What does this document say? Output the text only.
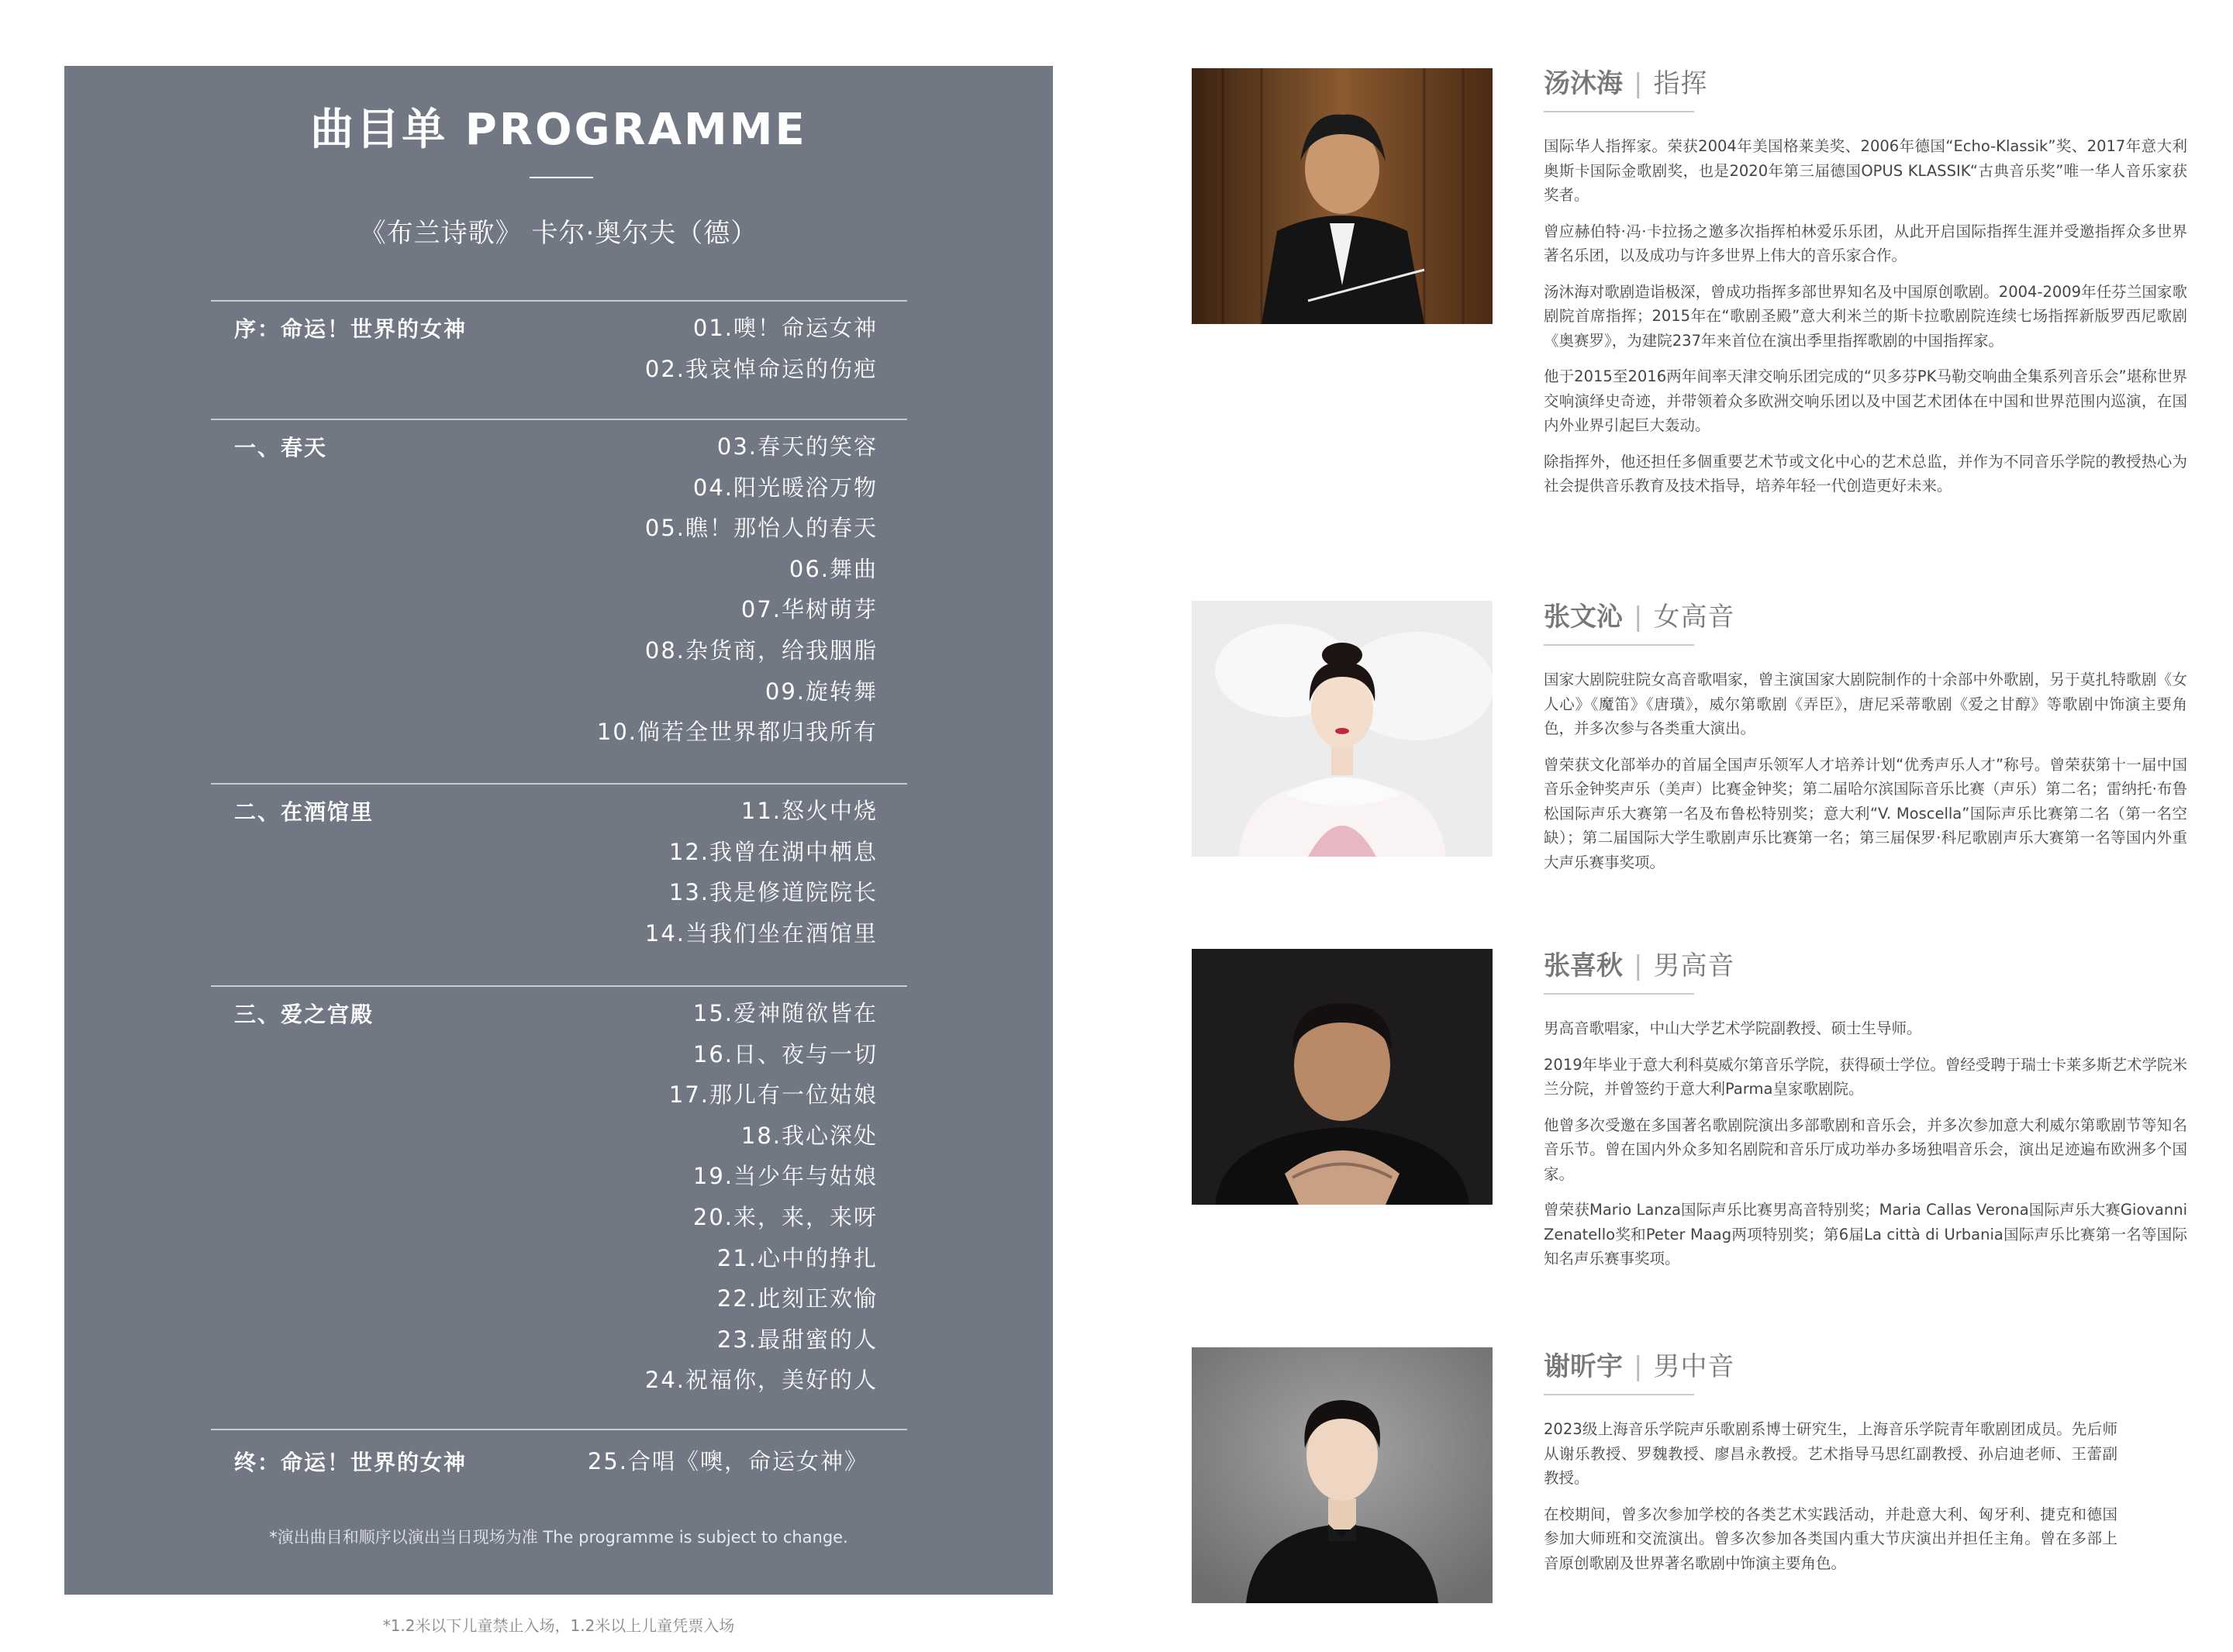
曲目单 PROGRAMME
《布兰诗歌》 卡尔·奥尔夫（德）
序：命运！世界的女神	01.噢！命运女神
02.我哀悼命运的伤疤
一、春天	03.春天的笑容
04.阳光暖浴万物
05.瞧！那怡人的春天
06.舞曲
07.华树萌芽
08.杂货商，给我胭脂
09.旋转舞
10.倘若全世界都归我所有
二、在酒馆里	11.怒火中烧
12.我曾在湖中栖息
13.我是修道院院长
14.当我们坐在酒馆里
三、爱之宫殿	15.爱神随欲皆在
16.日、夜与一切
17.那儿有一位姑娘
18.我心深处
19.当少年与姑娘
20.来，来，来呀
21.心中的挣扎
22.此刻正欢愉
23.最甜蜜的人
24.祝福你，美好的人
终：命运！世界的女神	25.合唱《噢，命运女神》
*演出曲目和顺序以演出当日现场为准 The programme is subject to change.
*1.2米以下儿童禁止入场，1.2米以上儿童凭票入场
汤沐海 | 指挥

国际华人指挥家。荣获2004年美国格莱美奖、2006年德国“Echo-Klassik”奖、2017年意大利奥斯卡国际金歌剧奖，也是2020年第三届德国OPUS KLASSIK“古典音乐奖”唯一华人音乐家获奖者。

曾应赫伯特·冯·卡拉扬之邀多次指挥柏林爱乐乐团，从此开启国际指挥生涯并受邀指挥众多世界著名乐团，以及成功与许多世界上伟大的音乐家合作。

汤沐海对歌剧造诣极深，曾成功指挥多部世界知名及中国原创歌剧。2004-2009年任芬兰国家歌剧院首席指挥；2015年在“歌剧圣殿”意大利米兰的斯卡拉歌剧院连续七场指挥新版罗西尼歌剧《奥赛罗》，为建院237年来首位在演出季里指挥歌剧的中国指挥家。

他于2015至2016两年间率天津交响乐团完成的“贝多芬PK马勒交响曲全集系列音乐会”堪称世界交响演绎史奇迹，并带领着众多欧洲交响乐团以及中国艺术团体在中国和世界范围内巡演，在国内外业界引起巨大轰动。

除指挥外，他还担任多個重要艺术节或文化中心的艺术总监，并作为不同音乐学院的教授热心为社会提供音乐教育及技术指导，培养年轻一代创造更好未来。

张文沁 | 女高音

国家大剧院驻院女高音歌唱家，曾主演国家大剧院制作的十余部中外歌剧，另于莫扎特歌剧《女人心》《魔笛》《唐璜》，威尔第歌剧《弄臣》，唐尼采蒂歌剧《爱之甘醇》等歌剧中饰演主要角色，并多次参与各类重大演出。

曾荣获文化部举办的首届全国声乐领军人才培养计划“优秀声乐人才”称号。曾荣获第十一届中国音乐金钟奖声乐（美声）比赛金钟奖；第二届哈尔滨国际音乐比赛（声乐）第二名；雷纳托·布鲁松国际声乐大赛第一名及布鲁松特别奖；意大利“V. Moscella”国际声乐比赛第二名（第一名空缺）；第二届国际大学生歌剧声乐比赛第一名；第三届保罗·科尼歌剧声乐大赛第一名等国内外重大声乐赛事奖项。

张喜秋 | 男高音

男高音歌唱家，中山大学艺术学院副教授、硕士生导师。

2019年毕业于意大利科莫威尔第音乐学院，获得硕士学位。曾经受聘于瑞士卡莱多斯艺术学院米兰分院，并曾签约于意大利Parma皇家歌剧院。

他曾多次受邀在多国著名歌剧院演出多部歌剧和音乐会，并多次参加意大利威尔第歌剧节等知名音乐节。曾在国内外众多知名剧院和音乐厅成功举办多场独唱音乐会，演出足迹遍布欧洲多个国家。

曾荣获Mario Lanza国际声乐比赛男高音特别奖；Maria Callas Verona国际声乐大赛Giovanni Zenatello奖和Peter Maag两项特别奖；第6届La città di Urbania国际声乐比赛第一名等国际知名声乐赛事奖项。

谢昕宇 | 男中音

2023级上海音乐学院声乐歌剧系博士研究生，上海音乐学院青年歌剧团成员。先后师从谢乐教授、罗魏教授、廖昌永教授。艺术指导马思红副教授、孙启迪老师、王蕾副教授。

在校期间，曾多次参加学校的各类艺术实践活动，并赴意大利、匈牙利、捷克和德国参加大师班和交流演出。曾多次参加各类国内重大节庆演出并担任主角。曾在多部上音原创歌剧及世界著名歌剧中饰演主要角色。
